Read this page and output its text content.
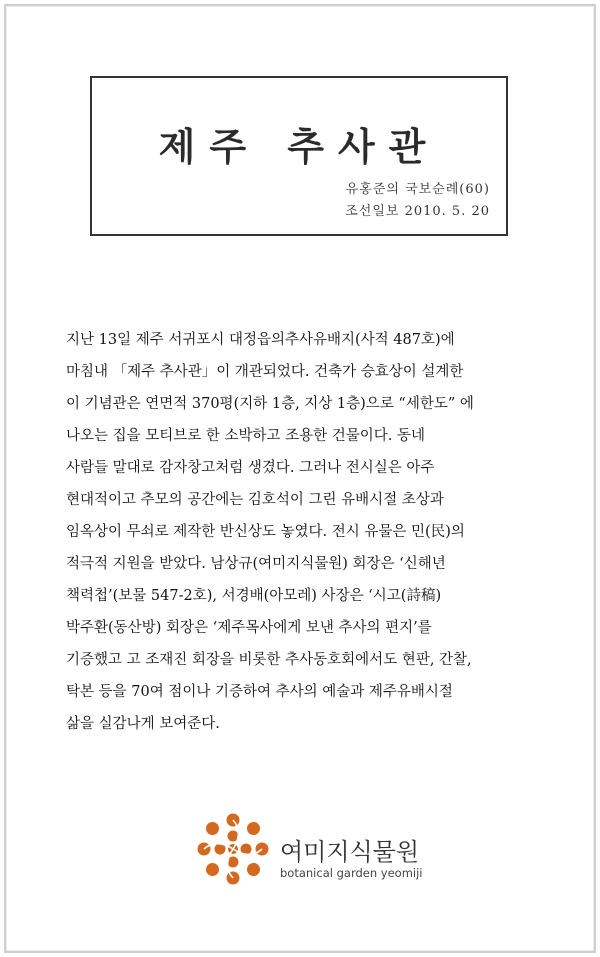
제주 추사관
유홍준의 국보순례(60)
조선일보 2010. 5. 20

지난 13일 제주 서귀포시 대정읍의추사유배지(사적 487호)에
마침내 「제주 추사관」이 개관되었다. 건축가 승효상이 설계한
이 기념관은 연면적 370평(지하 1층, 지상 1층)으로 “세한도” 에
나오는 집을 모티브로 한 소박하고 조용한 건물이다. 동네
사람들 말대로 감자창고처럼 생겼다. 그러나 전시실은 아주
현대적이고 추모의 공간에는 김호석이 그린 유배시절 초상과
임옥상이 무쇠로 제작한 반신상도 놓였다. 전시 유물은 민(民)의
적극적 지원을 받았다. 남상규(여미지식물원) 회장은 ‘신해년
책력첩’(보물 547-2호), 서경배(아모레) 사장은 ‘시고(詩稿)
박주환(동산방) 회장은 ‘제주목사에게 보낸 추사의 편지’를
기증했고 고 조재진 회장을 비롯한 추사동호회에서도 현판, 간찰,
탁본 등을 70여 점이나 기증하여 추사의 예술과 제주유배시절
삶을 실감나게 보여준다.

여미지식물원
botanical garden yeomiji
